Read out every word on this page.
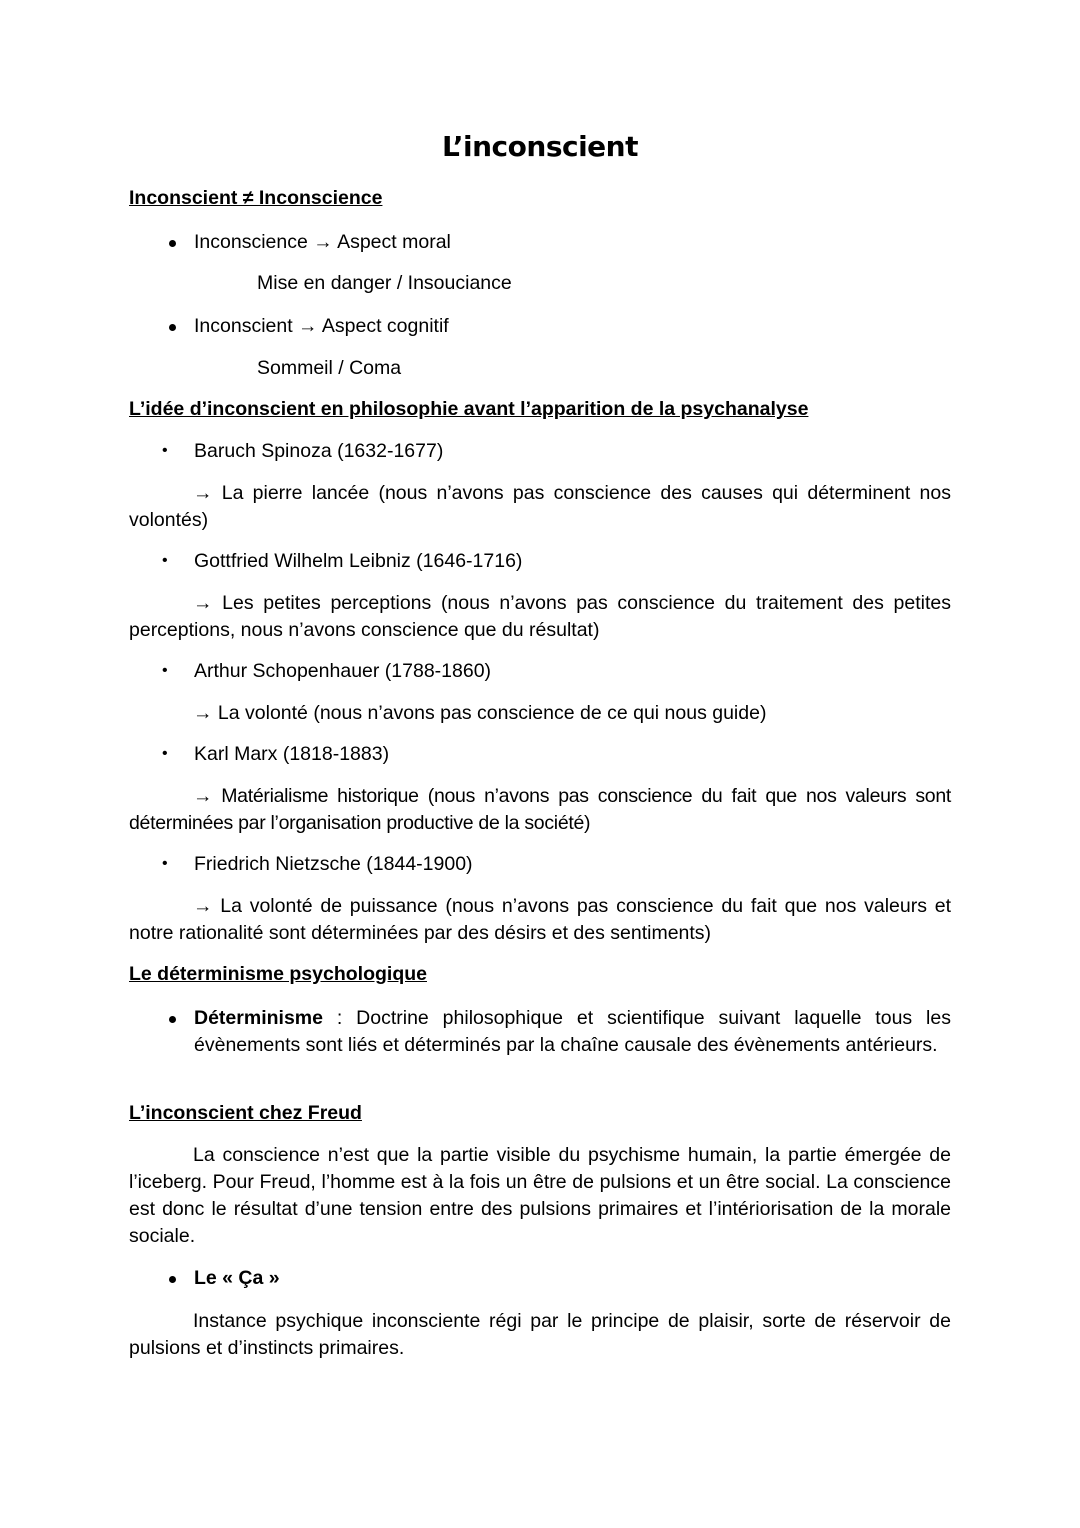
L’inconscient
Inconscient ≠ Inconscience
Inconscience → Aspect moral
Mise en danger / Insouciance
Inconscient → Aspect cognitif
Sommeil / Coma
L’idée d’inconscient en philosophie avant l’apparition de la psychanalyse
• Baruch Spinoza (1632-1677)
→ La pierre lancée (nous n’avons pas conscience des causes qui déterminent nos volontés)
• Gottfried Wilhelm Leibniz (1646-1716)
→ Les petites perceptions (nous n’avons pas conscience du traitement des petites perceptions, nous n’avons conscience que du résultat)
• Arthur Schopenhauer (1788-1860)
→ La volonté (nous n’avons pas conscience de ce qui nous guide)
• Karl Marx (1818-1883)
→ Matérialisme historique (nous n’avons pas conscience du fait que nos valeurs sont déterminées par l’organisation productive de la société)
• Friedrich Nietzsche (1844-1900)
→ La volonté de puissance (nous n’avons pas conscience du fait que nos valeurs et notre rationalité sont déterminées par des désirs et des sentiments)
Le déterminisme psychologique
Déterminisme : Doctrine philosophique et scientifique suivant laquelle tous les évènements sont liés et déterminés par la chaîne causale des évènements antérieurs.
L’inconscient chez Freud
La conscience n’est que la partie visible du psychisme humain, la partie émergée de l’iceberg. Pour Freud, l’homme est à la fois un être de pulsions et un être social. La conscience est donc le résultat d’une tension entre des pulsions primaires et l’intériorisation de la morale sociale.
Le « Ça »
Instance psychique inconsciente régi par le principe de plaisir, sorte de réservoir de pulsions et d’instincts primaires.
